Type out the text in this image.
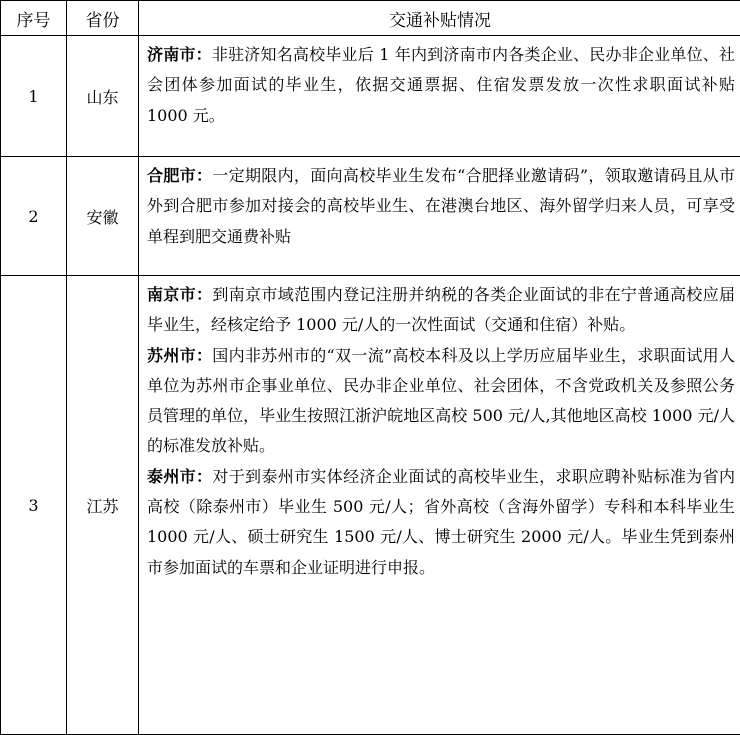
序号	省份	交通补贴情况
1	山东	济南市：非驻济知名高校毕业后 1 年内到济南市内各类企业、民办非企业单位、社会团体参加面试的毕业生，依据交通票据、住宿发票发放一次性求职面试补贴 1000 元。

2	安徽	合肥市：一定期限内，面向高校毕业生发布“合肥择业邀请码”，领取邀请码且从市外到合肥市参加对接会的高校毕业生、在港澳台地区、海外留学归来人员，可享受单程到肥交通费补贴

3	江苏	南京市：到南京市域范围内登记注册并纳税的各类企业面试的非在宁普通高校应届毕业生，经核定给予 1000 元/人的一次性面试（交通和住宿）补贴。

苏州市：国内非苏州市的“双一流”高校本科及以上学历应届毕业生，求职面试用人单位为苏州市企事业单位、民办非企业单位、社会团体，不含党政机关及参照公务员管理的单位，毕业生按照江浙沪皖地区高校 500 元/人,其他地区高校 1000 元/人的标准发放补贴。

泰州市：对于到泰州市实体经济企业面试的高校毕业生，求职应聘补贴标准为省内高校（除泰州市）毕业生 500 元/人；省外高校（含海外留学）专科和本科毕业生 1000 元/人、硕士研究生 1500 元/人、博士研究生 2000 元/人。毕业生凭到泰州市参加面试的车票和企业证明进行申报。
